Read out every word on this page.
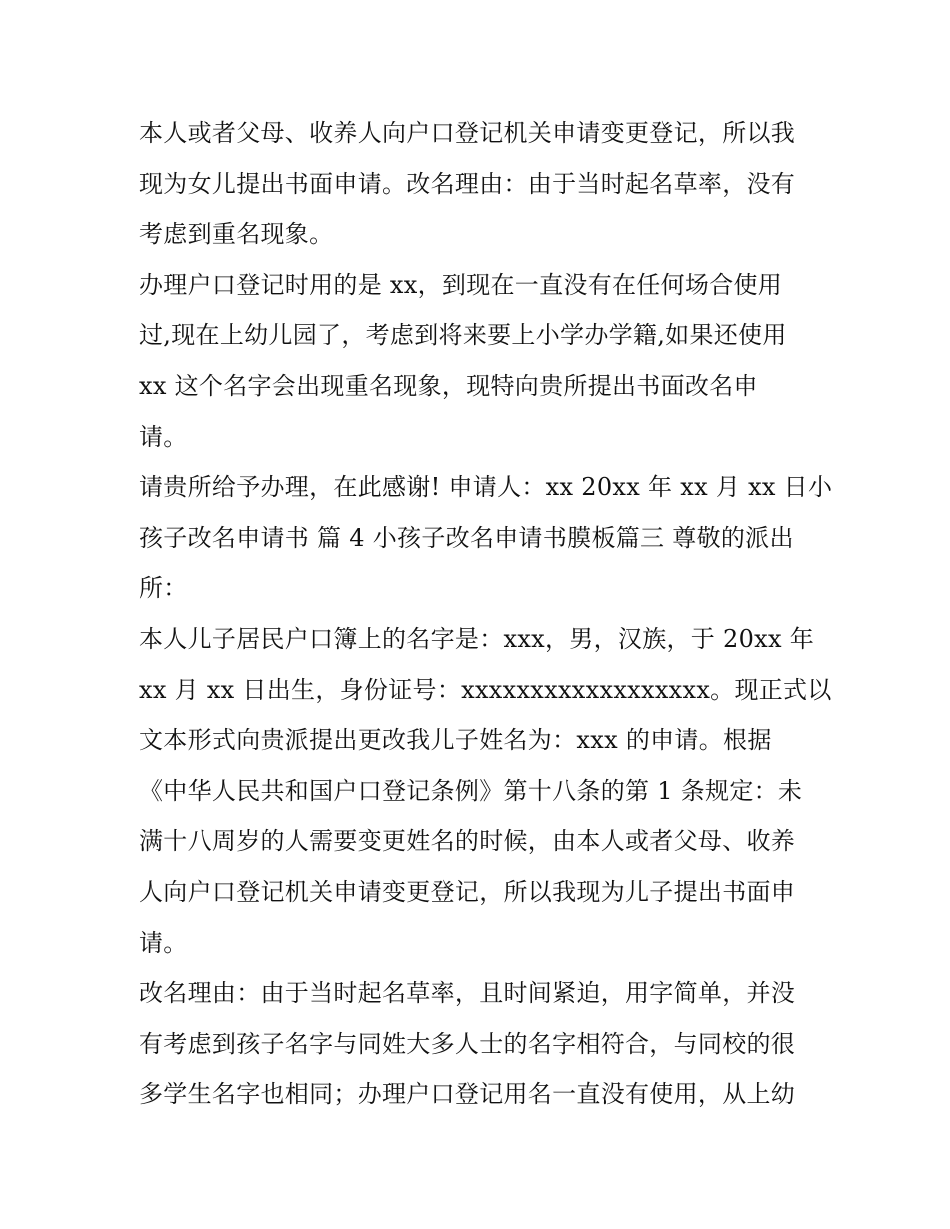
本人或者父母、收养人向户口登记机关申请变更登记，所以我
现为女儿提出书面申请。改名理由：由于当时起名草率，没有
考虑到重名现象。
办理户口登记时用的是 xx，到现在一直没有在任何场合使用
过,现在上幼儿园了，考虑到将来要上小学办学籍,如果还使用
xx 这个名字会出现重名现象，现特向贵所提出书面改名申
请。
请贵所给予办理，在此感谢! 申请人：xx 20xx 年 xx 月 xx 日小
孩子改名申请书 篇 4 小孩子改名申请书膜板篇三 尊敬的派出
所：
本人儿子居民户口簿上的名字是：xxx，男，汉族，于 20xx 年
xx 月 xx 日出生，身份证号：xxxxxxxxxxxxxxxxxx。现正式以
文本形式向贵派提出更改我儿子姓名为：xxx 的申请。根据
《中华人民共和国户口登记条例》第十八条的第 1 条规定：未
满十八周岁的人需要变更姓名的时候，由本人或者父母、收养
人向户口登记机关申请变更登记，所以我现为儿子提出书面申
请。
改名理由：由于当时起名草率，且时间紧迫，用字简单，并没
有考虑到孩子名字与同姓大多人士的名字相符合，与同校的很
多学生名字也相同；办理户口登记用名一直没有使用，从上幼
